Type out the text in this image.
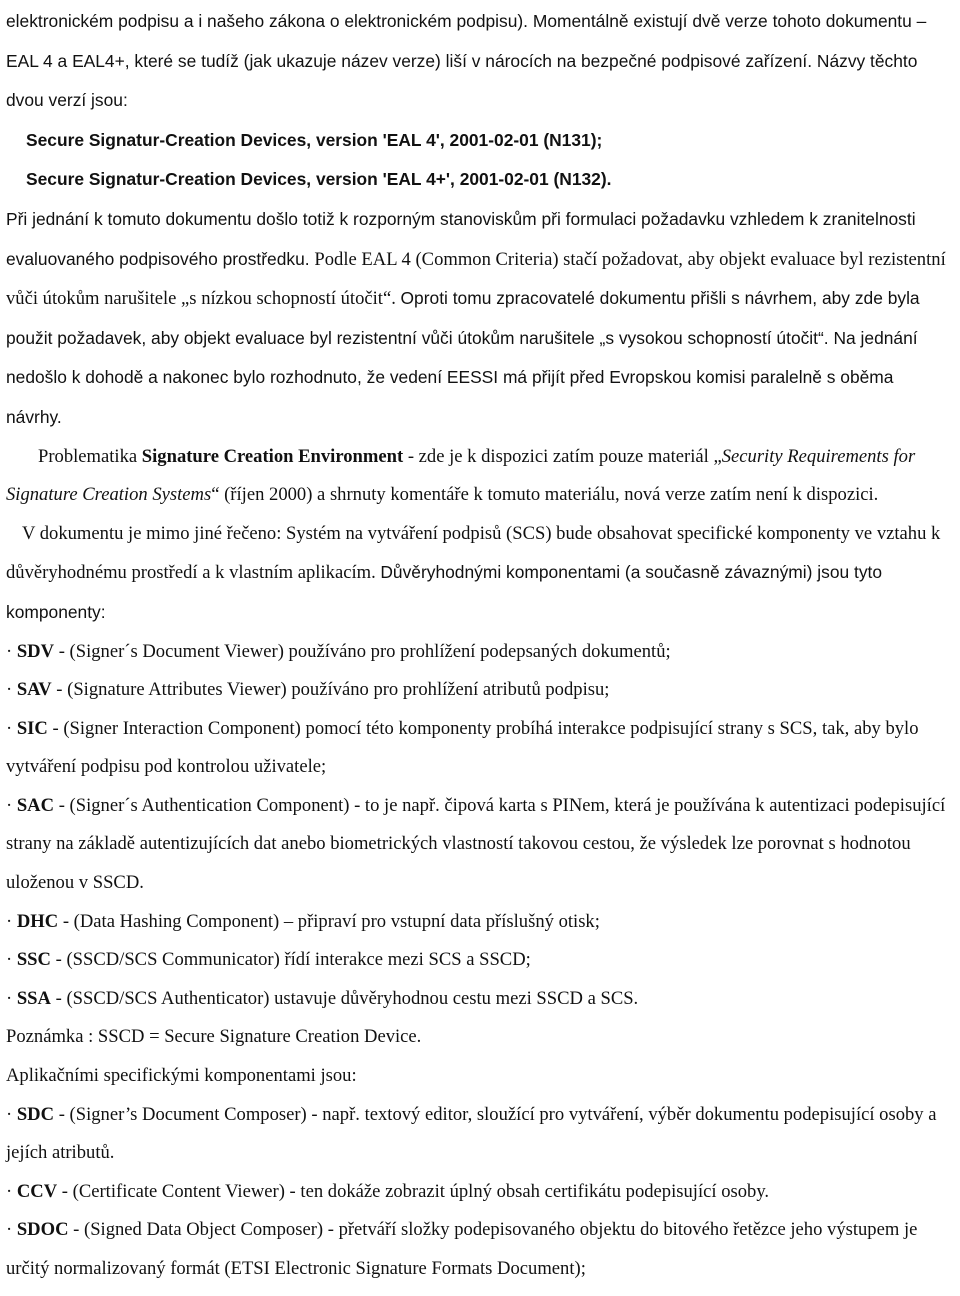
elektronickém podpisu a i našeho zákona o elektronickém podpisu). Momentálně existují dvě verze tohoto dokumentu – EAL 4 a EAL4+, které se tudíž (jak ukazuje název verze) liší v nárocích na bezpečné podpisové zařízení. Názvy těchto dvou verzí jsou:

Secure Signatur-Creation Devices, version 'EAL 4', 2001-02-01 (N131);

Secure Signatur-Creation Devices, version 'EAL 4+', 2001-02-01 (N132).

Při jednání k tomuto dokumentu došlo totiž k rozporným stanoviskům při formulaci požadavku vzhledem k zranitelnosti evaluovaného podpisového prostředku. Podle EAL 4 (Common Criteria) stačí požadovat, aby objekt evaluace byl rezistentní vůči útokům narušitele „s nízkou schopností útočit“. Oproti tomu zpracovatelé dokumentu přišli s návrhem, aby zde byla použit požadavek, aby objekt evaluace byl rezistentní vůči útokům narušitele „s vysokou schopností útočit“. Na jednání nedošlo k dohodě a nakonec bylo rozhodnuto, že vedení EESSI má přijít před Evropskou komisi paralelně s oběma návrhy.

Problematika Signature Creation Environment - zde je k dispozici zatím pouze materiál „Security Requirements for Signature Creation Systems“ (říjen 2000) a shrnuty komentáře k tomuto materiálu, nová verze zatím není k dispozici.

V dokumentu je mimo jiné řečeno: Systém na vytváření podpisů (SCS) bude obsahovat specifické komponenty ve vztahu k důvěryhodnému prostředí a k vlastním aplikacím. Důvěryhodnými komponentami (a současně závaznými) jsou tyto komponenty:

· SDV - (Signer´s Document Viewer) používáno pro prohlížení podepsaných dokumentů;

· SAV - (Signature Attributes Viewer) používáno pro prohlížení atributů podpisu;

· SIC - (Signer Interaction Component) pomocí této komponenty probíhá interakce podpisující strany s SCS, tak, aby bylo vytváření podpisu pod kontrolou uživatele;

· SAC - (Signer´s Authentication Component) - to je např. čipová karta s PINem, která je používána k autentizaci podepisující strany na základě autentizujících dat anebo biometrických vlastností takovou cestou, že výsledek lze porovnat s hodnotou uloženou v SSCD.

· DHC - (Data Hashing Component) – připraví pro vstupní data příslušný otisk;

· SSC - (SSCD/SCS Communicator) řídí interakce mezi SCS a SSCD;

· SSA - (SSCD/SCS Authenticator) ustavuje důvěryhodnou cestu mezi SSCD a SCS.

Poznámka : SSCD = Secure Signature Creation Device.

Aplikačními specifickými komponentami jsou:

· SDC - (Signer’s Document Composer) - např. textový editor, sloužící pro vytváření, výběr dokumentu podepisující osoby a jejích atributů.

· CCV - (Certificate Content Viewer) - ten dokáže zobrazit úplný obsah certifikátu podepisující osoby.

· SDOC - (Signed Data Object Composer) - přetváří složky podepisovaného objektu do bitového řetězce jeho výstupem je určitý normalizovaný formát (ETSI Electronic Signature Formats Document);
